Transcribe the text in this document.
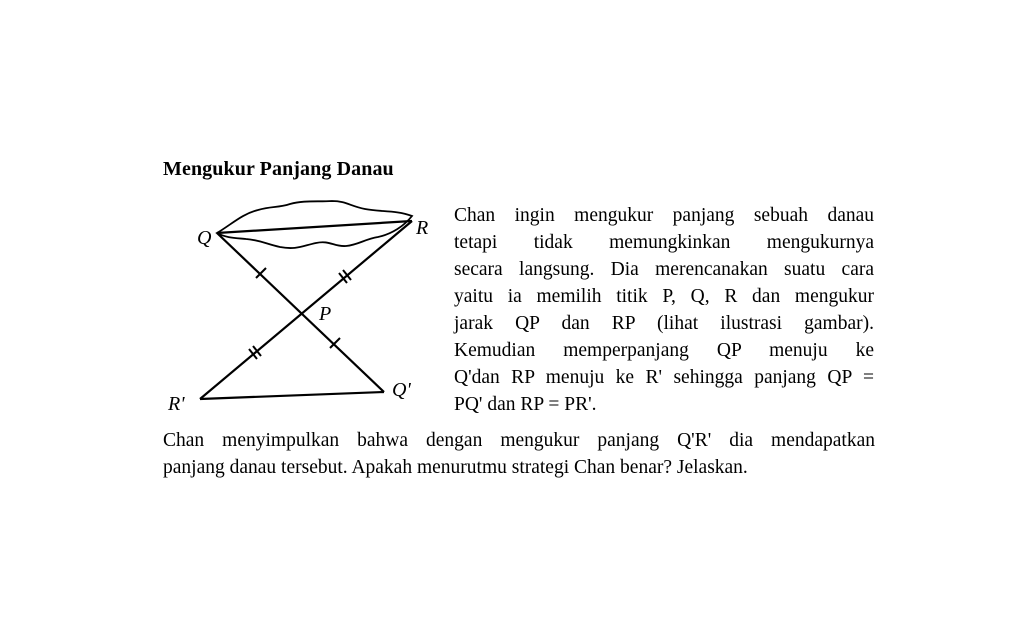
Mengukur Panjang Danau
Q	R
P
R'
Q'
Chan ingin mengukur panjang sebuah danau
tetapi tidak memungkinkan mengukurnya
secara langsung. Dia merencanakan suatu cara
yaitu ia memilih titik P, Q, R dan mengukur
jarak QP dan RP (lihat ilustrasi gambar).
Kemudian memperpanjang QP menuju ke
Q'dan RP menuju ke R' sehingga panjang QP =
PQ' dan RP = PR'.
Chan menyimpulkan bahwa dengan mengukur panjang Q'R' dia mendapatkan
panjang danau tersebut. Apakah menurutmu strategi Chan benar? Jelaskan.
